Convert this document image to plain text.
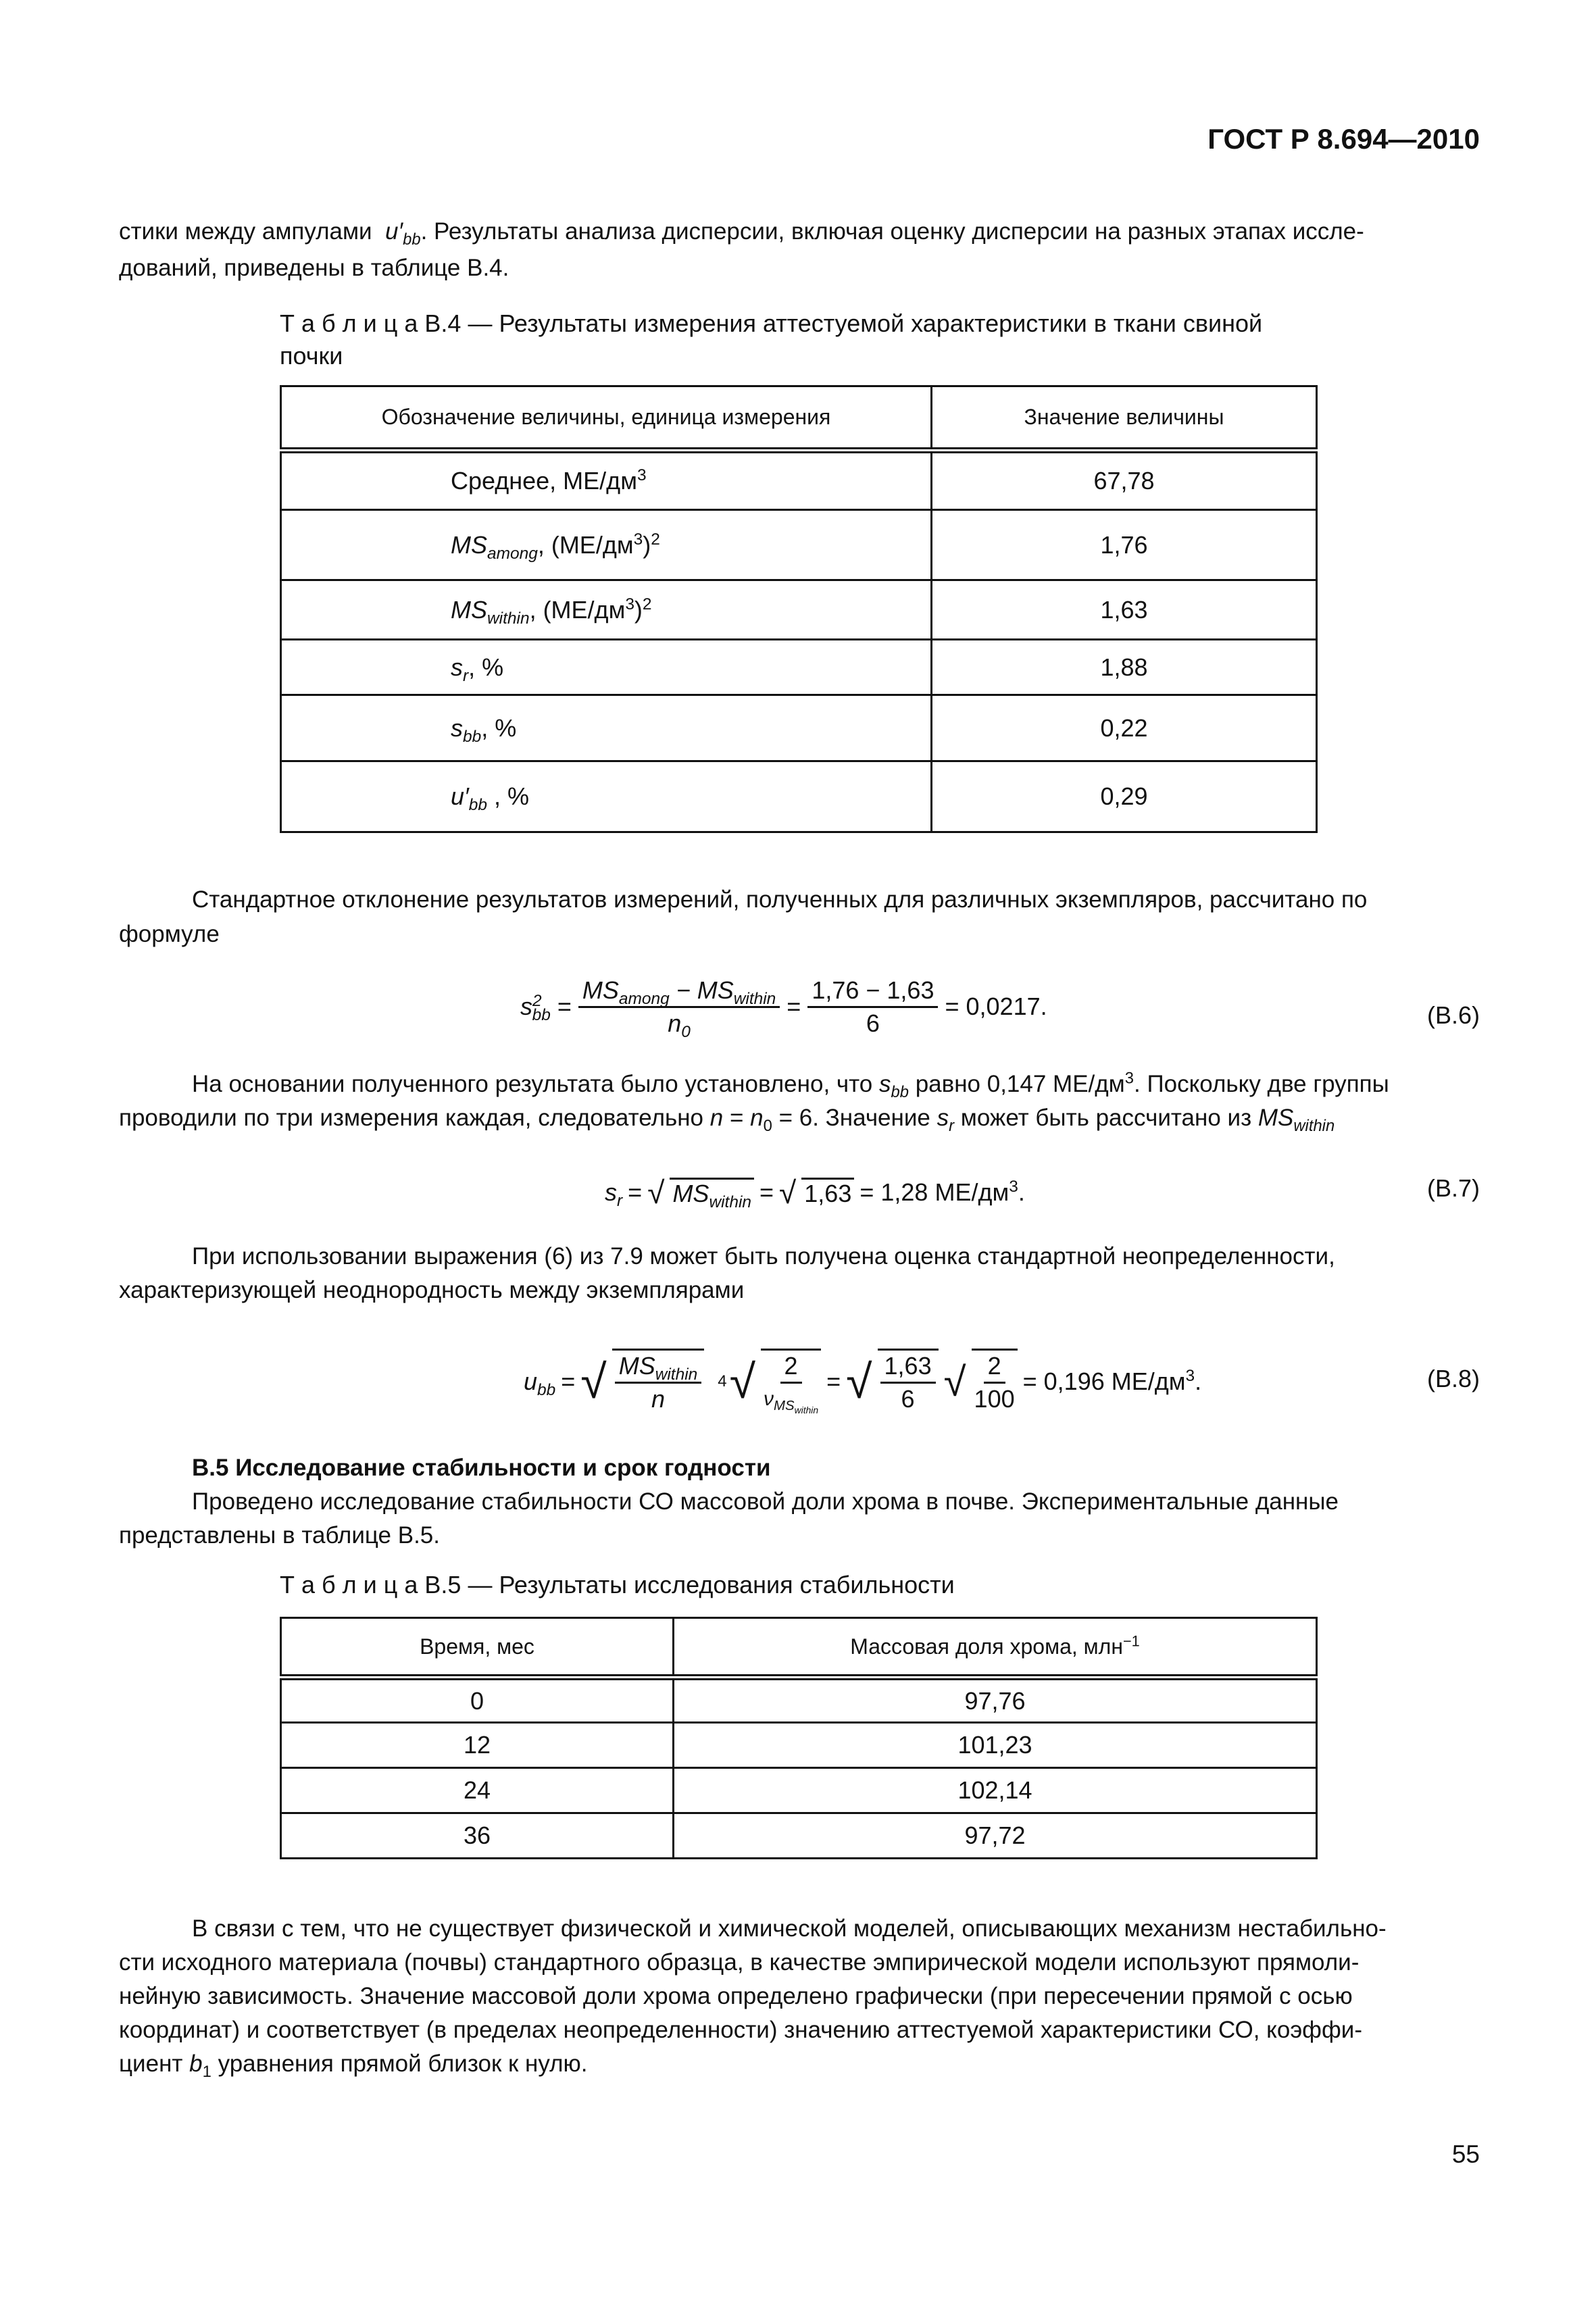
ГОСТ Р 8.694—2010
стики между ампулами  $u'_{bb}$. Результаты анализа дисперсии, включая оценку дисперсии на разных этапах иссле-
дований, приведены в таблице В.4.
Т а б л и ц а В.4 — Результаты измерения аттестуемой характеристики в ткани свиной
почки
Обозначение величины, единица измерения	Значение величины
Среднее, $МЕ/дм^3$	67,78
$MS_{among}$, $(МЕ/дм^3)^2$	1,76
$MS_{within}$, $(МЕ/дм^3)^2$	1,63
$s_r$, %	1,88
$s_{bb}$, %	0,22
$u'_{bb}$ , %	0,29
Стандартное отклонение результатов измерений, полученных для различных экземпляров, рассчитано по
формуле
$s^2_{bb} = \frac{MS_{among} - MS_{within}}{n_0} = \frac{1,76 - 1,63}{6} = 0,0217$.	(В.6)
На основании полученного результата было установлено, что $s_{bb}$ равно 0,147 $МЕ/дм^3$. Поскольку две группы
проводили по три измерения каждая, следовательно $n = n_0 = 6$. Значение $s_r$ может быть рассчитано из $MS_{within}$
$s_r$ = √ $MS_{within}$ = √ 1,63 = 1,28 $МЕ/дм^3$.	(В.7)
При использовании выражения (6) из 7.9 может быть получена оценка стандартной неопределенности,
характеризующей неоднородность между экземплярами
$u_{bb}$ = √ $\frac{MS_{within}}{n} 4$ √ $\frac{2}{\nu_{MS_{within}}}$ = √ $\frac{1,63}{6}$ √ $\frac{2}{100} = 0,196$ $МЕ/дм^3$.	(В.8)
В.5 Исследование стабильности и срок годности
Проведено исследование стабильности СО массовой доли хрома в почве. Экспериментальные данные
представлены в таблице В.5.
Т а б л и ц а В.5 — Результаты исследования стабильности
Время, мес	Массовая доля хрома, млн$^{-1}$
0	97,76
12	101,23
24	102,14
36	97,72
В связи с тем, что не существует физической и химической моделей, описывающих механизм нестабильно-
сти исходного материала (почвы) стандартного образца, в качестве эмпирической модели используют прямоли-
нейную зависимость. Значение массовой доли хрома определено графически (при пересечении прямой с осью
координат) и соответствует (в пределах неопределенности) значению аттестуемой характеристики СО, коэффи-
циент $b_1$ уравнения прямой близок к нулю.
55
